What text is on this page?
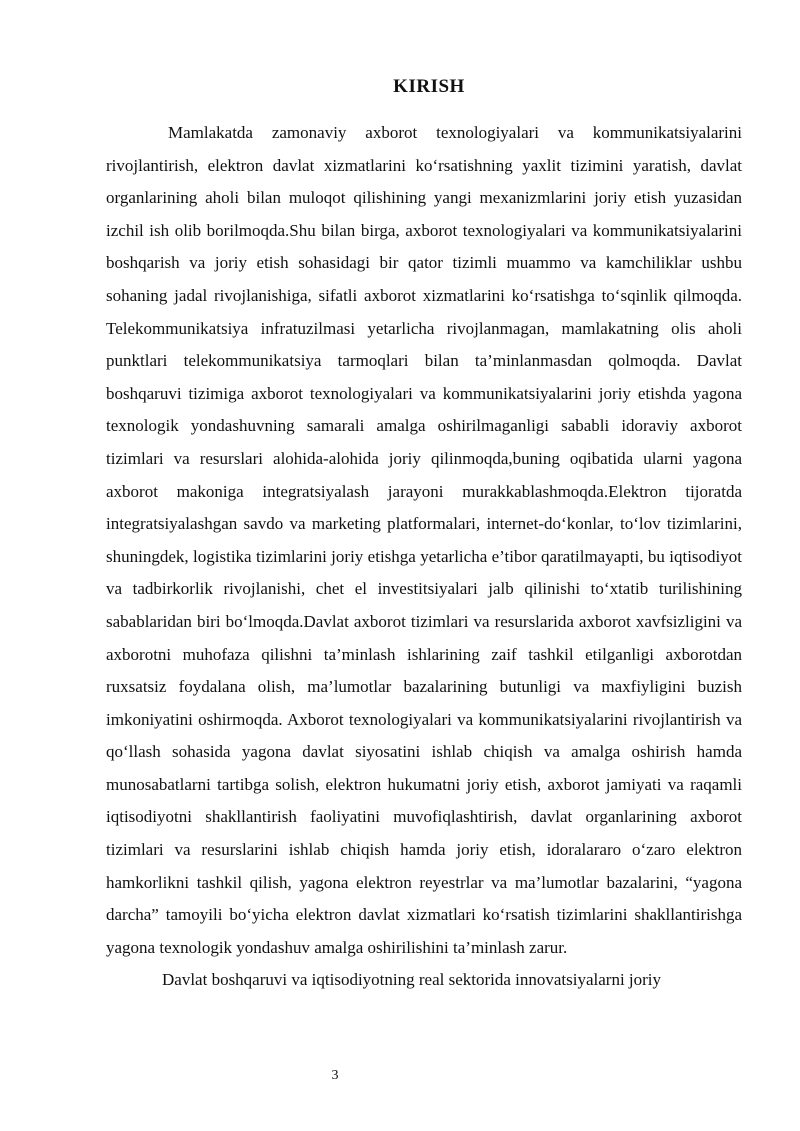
KIRISH

Mamlakatda zamonaviy axborot texnologiyalari va kommunikatsiyalarini rivojlantirish, elektron davlat xizmatlarini ko‘rsatishning yaxlit tizimini yaratish, davlat organlarining aholi bilan muloqot qilishining yangi mexanizmlarini joriy etish yuzasidan izchil ish olib borilmoqda.Shu bilan birga, axborot texnologiyalari va kommunikatsiyalarini boshqarish va joriy etish sohasidagi bir qator tizimli muammo va kamchiliklar ushbu sohaning jadal rivojlanishiga, sifatli axborot xizmatlarini ko‘rsatishga to‘sqinlik qilmoqda. Telekommunikatsiya infratuzilmasi yetarlicha rivojlanmagan, mamlakatning olis aholi punktlari telekommunikatsiya tarmoqlari bilan ta’minlanmasdan qolmoqda. Davlat boshqaruvi tizimiga axborot texnologiyalari va kommunikatsiyalarini joriy etishda yagona texnologik yondashuvning samarali amalga oshirilmaganligi sababli idoraviy axborot tizimlari va resurslari alohida-alohida joriy qilinmoqda,buning oqibatida ularni yagona axborot makoniga integratsiyalash jarayoni murakkablashmoqda.Elektron tijoratda integratsiyalashgan savdo va marketing platformalari, internet-do‘konlar, to‘lov tizimlarini, shuningdek, logistika tizimlarini joriy etishga yetarlicha e’tibor qaratilmayapti, bu iqtisodiyot va tadbirkorlik rivojlanishi, chet el investitsiyalari jalb qilinishi to‘xtatib turilishining sabablaridan biri bo‘lmoqda.Davlat axborot tizimlari va resurslarida axborot xavfsizligini va axborotni muhofaza qilishni ta’minlash ishlarining zaif tashkil etilganligi axborotdan ruxsatsiz foydalana olish, ma’lumotlar bazalarining butunligi va maxfiyligini buzish imkoniyatini oshirmoqda. Axborot texnologiyalari va kommunikatsiyalarini rivojlantirish va qo‘llash sohasida yagona davlat siyosatini ishlab chiqish va amalga oshirish hamda munosabatlarni tartibga solish, elektron hukumatni joriy etish, axborot jamiyati va raqamli iqtisodiyotni shakllantirish faoliyatini muvofiqlashtirish, davlat organlarining axborot tizimlari va resurslarini ishlab chiqish hamda joriy etish, idoralararo o‘zaro elektron hamkorlikni tashkil qilish, yagona elektron reyestrlar va ma’lumotlar bazalarini, “yagona darcha” tamoyili bo‘yicha elektron davlat xizmatlari ko‘rsatish tizimlarini shakllantirishga yagona texnologik yondashuv amalga oshirilishini ta’minlash zarur.

Davlat boshqaruvi va iqtisodiyotning real sektorida innovatsiyalarni joriy

3
